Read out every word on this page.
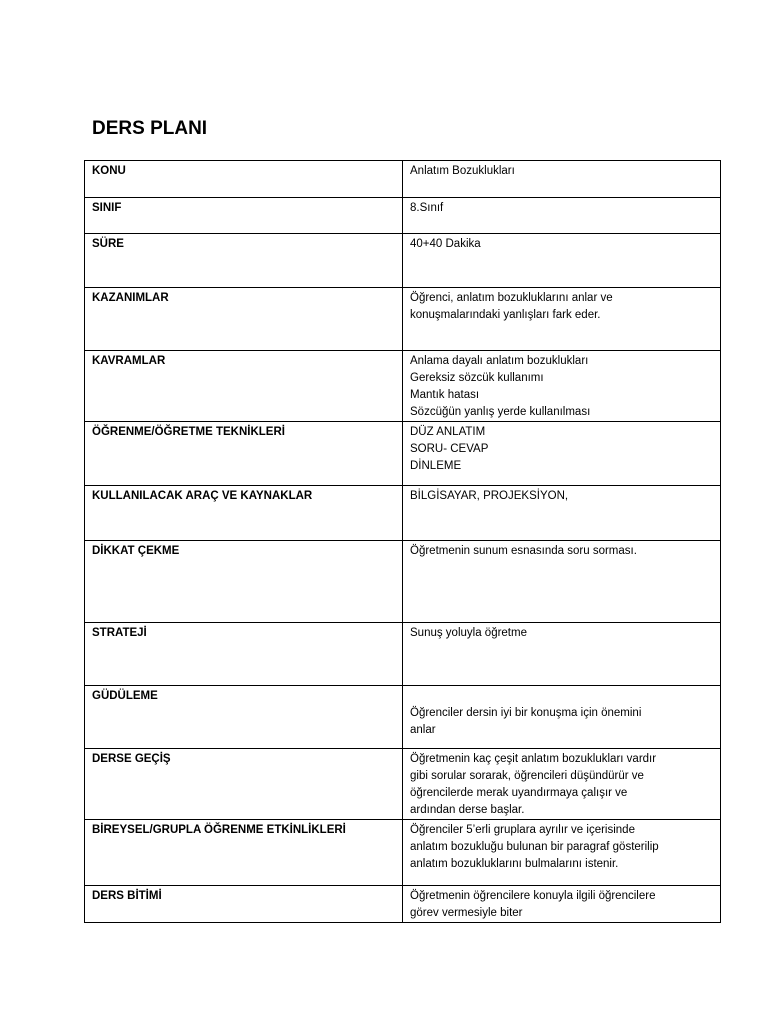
DERS PLANI
KONU	Anlatım Bozuklukları

SINIF	8.Sınıf

SÜRE	40+40 Dakika

KAZANIMLAR	Öğrenci, anlatım bozukluklarını anlar ve
konuşmalarındaki yanlışları fark eder.

KAVRAMLAR	Anlama dayalı anlatım bozuklukları
Gereksiz sözcük kullanımı
Mantık hatası
Sözcüğün yanlış yerde kullanılması

ÖĞRENME/ÖĞRETME TEKNİKLERİ	DÜZ ANLATIM
SORU- CEVAP
DİNLEME

KULLANILACAK ARAÇ VE KAYNAKLAR	BİLGİSAYAR, PROJEKSİYON,

DİKKAT ÇEKME	Öğretmenin sunum esnasında soru sorması.

STRATEJİ	Sunuş yoluyla öğretme

GÜDÜLEME	Öğrenciler dersin iyi bir konuşma için önemini
anlar

DERSE GEÇİŞ	Öğretmenin kaç çeşit anlatım bozuklukları vardır
gibi sorular sorarak, öğrencileri düşündürür ve
öğrencilerde merak uyandırmaya çalışır ve
ardından derse başlar.

BİREYSEL/GRUPLA ÖĞRENME ETKİNLİKLERİ	Öğrenciler 5’erli gruplara ayrılır ve içerisinde
anlatım bozukluğu bulunan bir paragraf gösterilip
anlatım bozukluklarını bulmalarını istenir.

DERS BİTİMİ	Öğretmenin öğrencilere konuyla ilgili öğrencilere
görev vermesiyle biter
